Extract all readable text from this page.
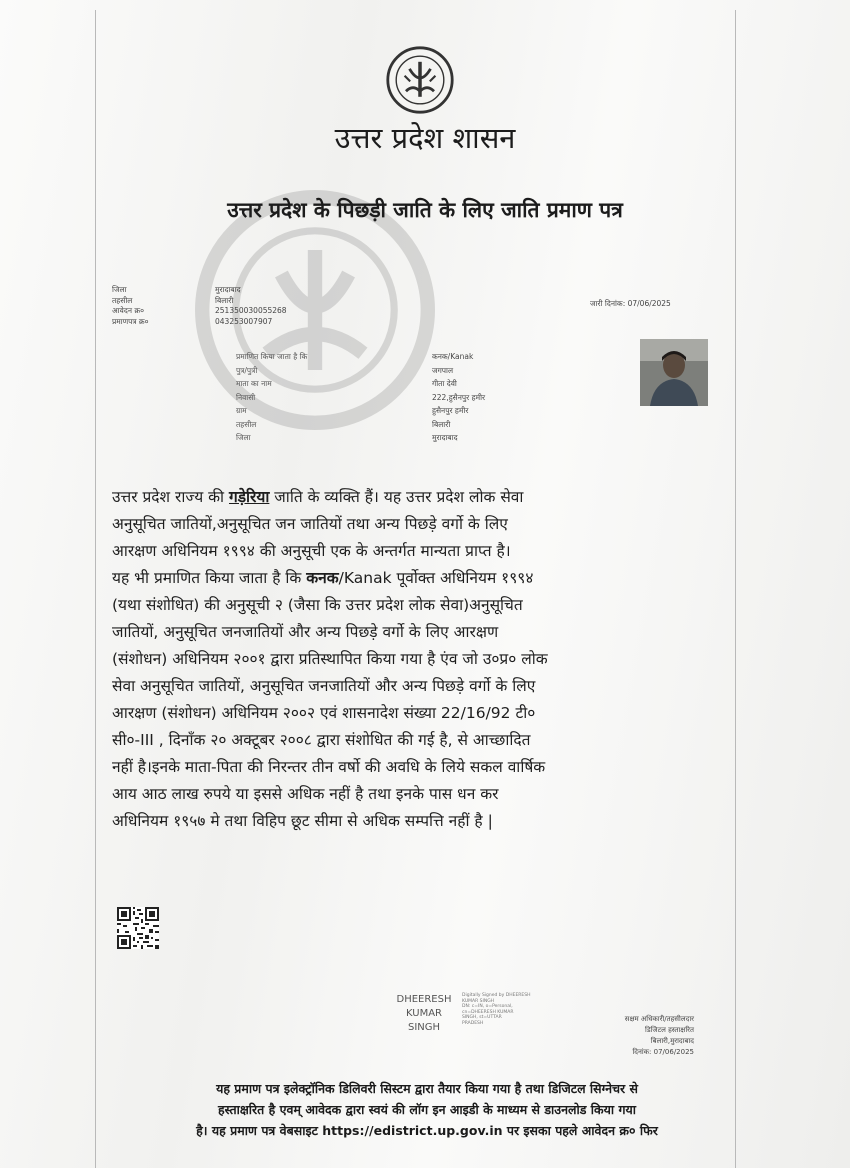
उत्तर प्रदेश शासन
उत्तर प्रदेश के पिछड़ी जाति के लिए जाति प्रमाण पत्र
जिला
तहसील
आवेदन क्र०
प्रमाणपत्र क्र०
मुरादाबाद
बिलारी
251350030055268
043253007907
जारी दिनांक: 07/06/2025
प्रमाणित किया जाता है कि
पुत्र/पुत्री
माता का नाम
निवासी
ग्राम
तहसील
जिला
कनक/Kanak
जगपाल
गीता देवी
222,हुसैनपुर हमीर
हुसैनपुर हमीर
बिलारी
मुरादाबाद
उत्तर प्रदेश राज्य की गड़ेरिया जाति के व्यक्ति हैं। यह उत्तर प्रदेश लोक सेवा
अनुसूचित जातियों,अनुसूचित जन जातियों तथा अन्य पिछड़े वर्गो के लिए
आरक्षण अधिनियम १९९४ की अनुसूची एक के अन्तर्गत मान्यता प्राप्त है।
यह भी प्रमाणित किया जाता है कि कनक/Kanak पूर्वोक्त अधिनियम १९९४
(यथा संशोधित) की अनुसूची २ (जैसा कि उत्तर प्रदेश लोक सेवा)अनुसूचित
जातियों, अनुसूचित जनजातियों और अन्य पिछड़े वर्गो के लिए आरक्षण
(संशोधन) अधिनियम २००१ द्वारा प्रतिस्थापित किया गया है एंव जो उ०प्र० लोक
सेवा अनुसूचित जातियों, अनुसूचित जनजातियों और अन्य पिछड़े वर्गो के लिए
आरक्षण (संशोधन) अधिनियम २००२ एवं शासनादेश संख्या 22/16/92 टी०
सी०-III , दिनाँक २० अक्टूबर २००८ द्वारा संशोधित की गई है, से आच्छादित
नहीं है।इनके माता-पिता की निरन्तर तीन वर्षो की अवधि के लिये सकल वार्षिक
आय आठ लाख रुपये या इससे अधिक नहीं है तथा इनके पास धन कर
अधिनियम १९५७ मे तथा विहिप छूट सीमा से अधिक सम्पत्ति नहीं है |
DHEERESH
KUMAR
SINGH
Digitally Signed by DHEERESH
KUMAR SINGH
DN: c=IN, o=Personal,
cn=DHEERESH KUMAR
SINGH, st=UTTAR
PRADESH	सक्षम अधिकारी/तहसीलदार
डिजिटल हस्ताक्षरित
बिलारी,मुरादाबाद
दिनांक: 07/06/2025
यह प्रमाण पत्र इलेक्ट्रॉनिक डिलिवरी सिस्टम द्वारा तैयार किया गया है तथा डिजिटल सिग्नेचर से
हस्ताक्षरित है एवम् आवेदक द्वारा स्वयं की लॉग इन आइडी के माध्यम से डाउनलोड किया गया
है। यह प्रमाण पत्र वेबसाइट https://edistrict.up.gov.in पर इसका पहले आवेदन क्र० फिर
